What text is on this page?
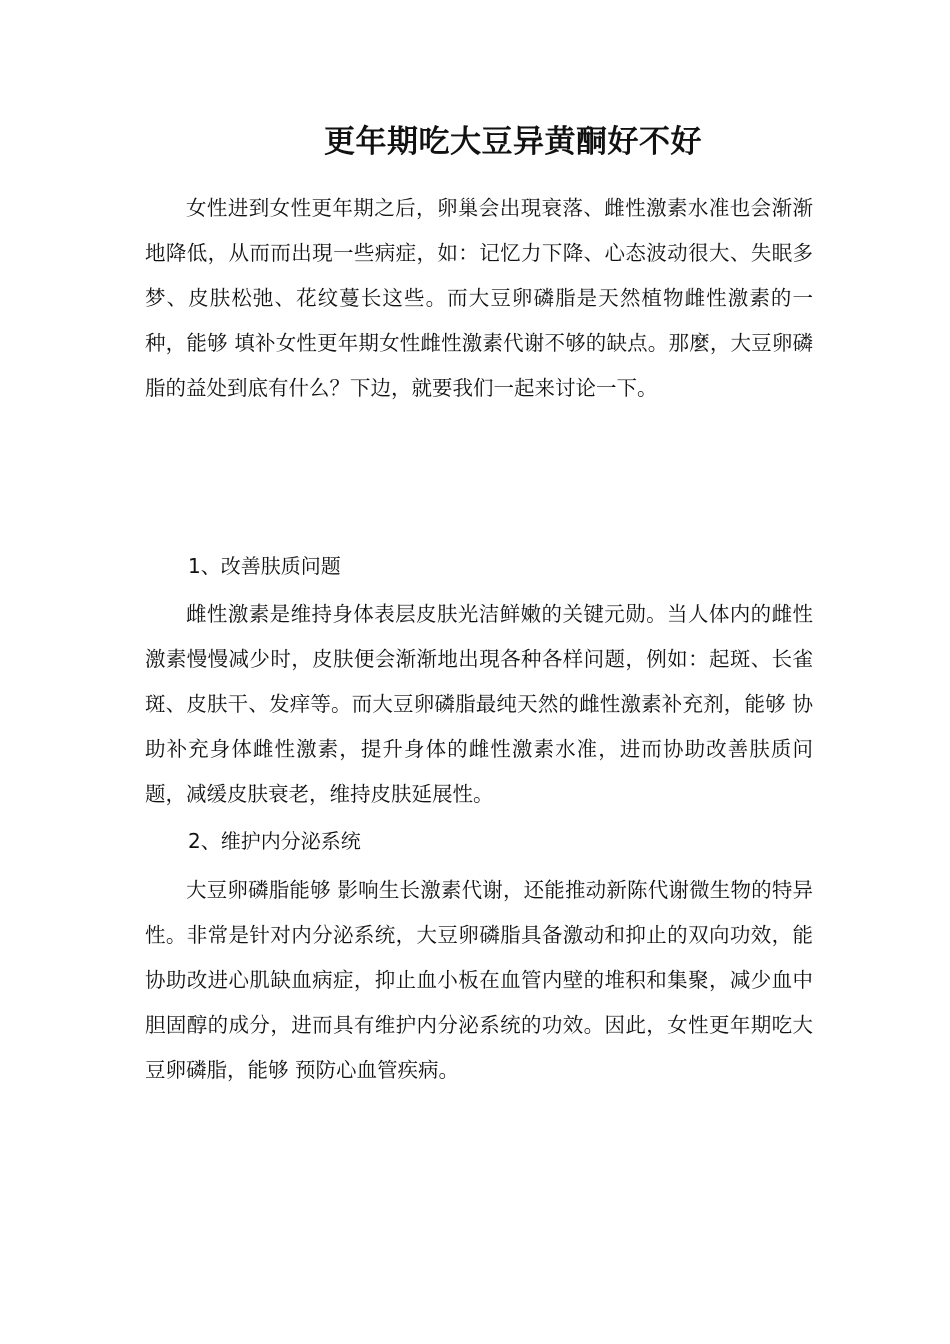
更年期吃大豆异黄酮好不好

女性进到女性更年期之后，卵巢会出現衰落、雌性激素水准也会渐渐地降低，从而而出現一些病症，如：记忆力下降、心态波动很大、失眠多梦、皮肤松弛、花纹蔓长这些。而大豆卵磷脂是天然植物雌性激素的一种，能够 填补女性更年期女性雌性激素代谢不够的缺点。那麼，大豆卵磷脂的益处到底有什么？下边，就要我们一起来讨论一下。

1、改善肤质问题

雌性激素是维持身体表层皮肤光洁鲜嫩的关键元勋。当人体内的雌性激素慢慢减少时，皮肤便会渐渐地出現各种各样问题，例如：起斑、长雀斑、皮肤干、发痒等。而大豆卵磷脂最纯天然的雌性激素补充剂，能够 协助补充身体雌性激素，提升身体的雌性激素水准，进而协助改善肤质问题，减缓皮肤衰老，维持皮肤延展性。

2、维护内分泌系统

大豆卵磷脂能够 影响生长激素代谢，还能推动新陈代谢微生物的特异性。非常是针对内分泌系统，大豆卵磷脂具备激动和抑止的双向功效，能协助改进心肌缺血病症，抑止血小板在血管内壁的堆积和集聚，减少血中胆固醇的成分，进而具有维护内分泌系统的功效。因此，女性更年期吃大豆卵磷脂，能够 预防心血管疾病。
